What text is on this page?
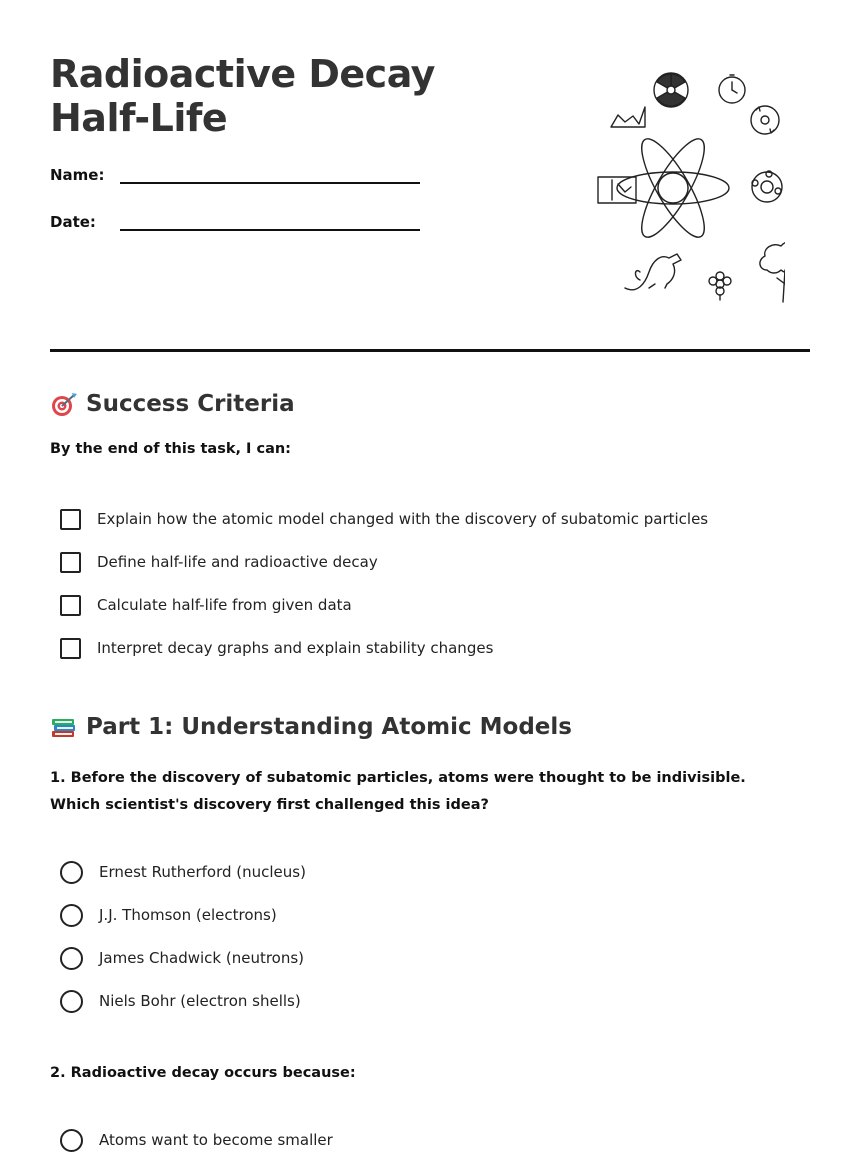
Radioactive Decay Half-Life
Name:
Date:
Success Criteria
By the end of this task, I can:
Explain how the atomic model changed with the discovery of subatomic particles
Define half-life and radioactive decay
Calculate half-life from given data
Interpret decay graphs and explain stability changes
Part 1: Understanding Atomic Models
1. Before the discovery of subatomic particles, atoms were thought to be indivisible. Which scientist's discovery first challenged this idea?
Ernest Rutherford (nucleus)
J.J. Thomson (electrons)
James Chadwick (neutrons)
Niels Bohr (electron shells)
2. Radioactive decay occurs because:
Atoms want to become smaller
